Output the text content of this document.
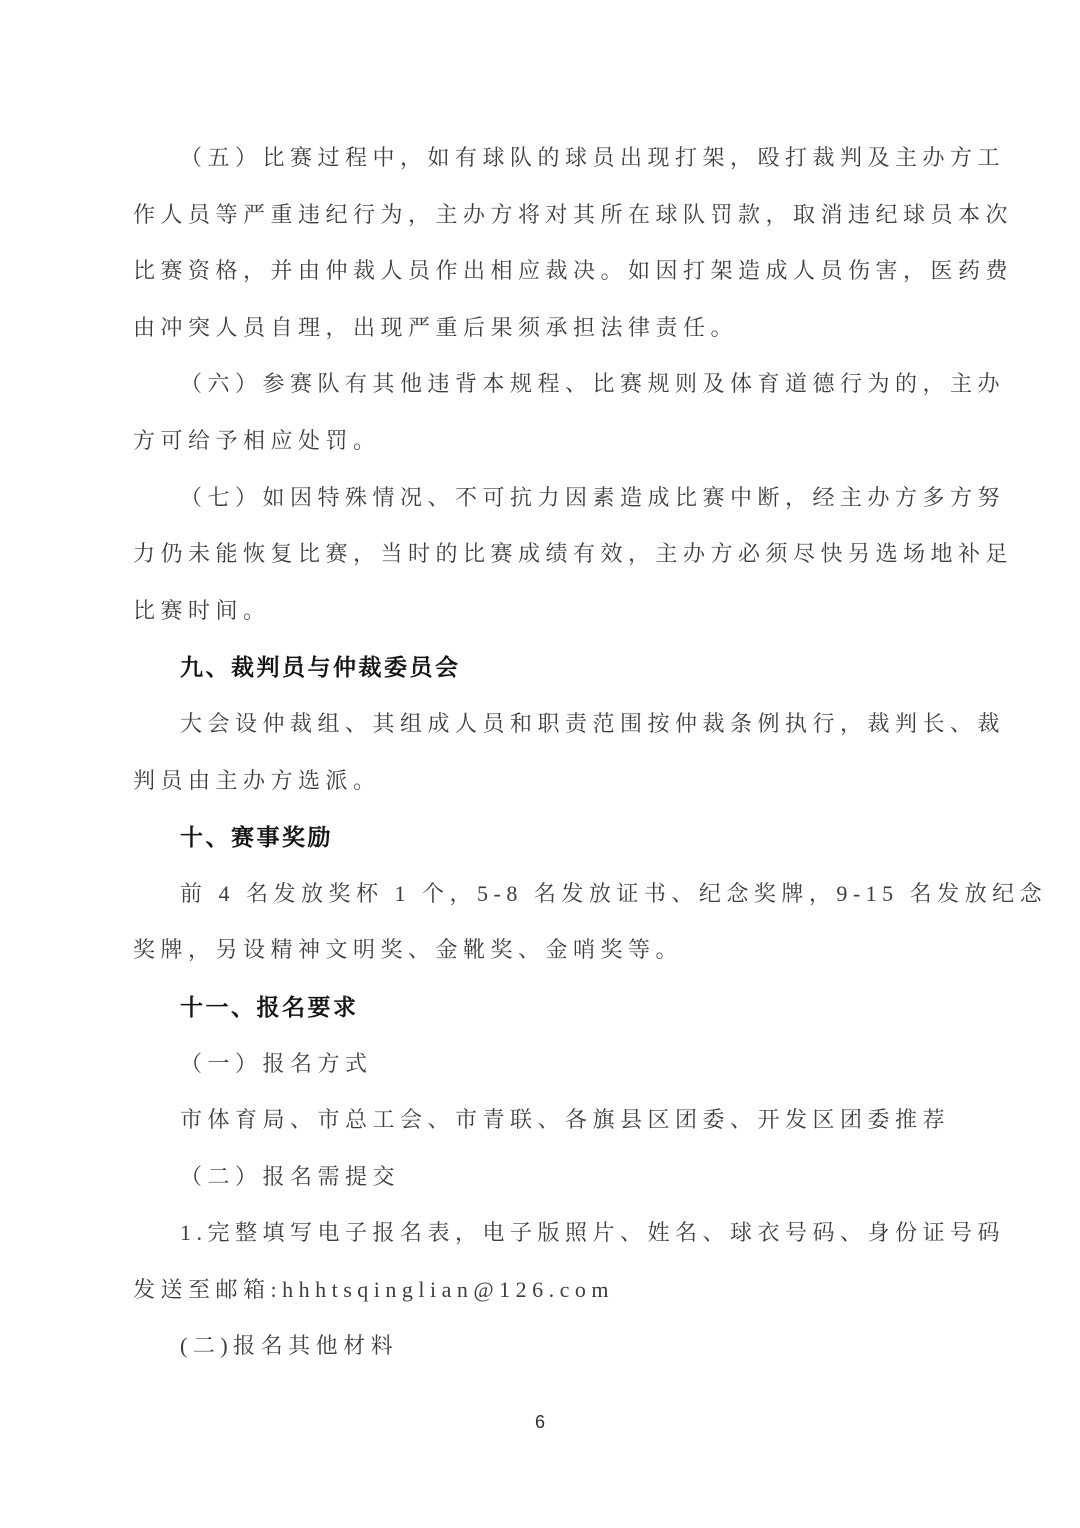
（五）比赛过程中，如有球队的球员出现打架，殴打裁判及主办方工
作人员等严重违纪行为，主办方将对其所在球队罚款，取消违纪球员本次
比赛资格，并由仲裁人员作出相应裁决。如因打架造成人员伤害，医药费
由冲突人员自理，出现严重后果须承担法律责任。
（六）参赛队有其他违背本规程、比赛规则及体育道德行为的，主办
方可给予相应处罚。
（七）如因特殊情况、不可抗力因素造成比赛中断，经主办方多方努
力仍未能恢复比赛，当时的比赛成绩有效，主办方必须尽快另选场地补足
比赛时间。
九、裁判员与仲裁委员会
大会设仲裁组、其组成人员和职责范围按仲裁条例执行，裁判长、裁
判员由主办方选派。
十、赛事奖励
前 4 名发放奖杯 1 个，5-8 名发放证书、纪念奖牌，9-15 名发放纪念
奖牌，另设精神文明奖、金靴奖、金哨奖等。
十一、报名要求
（一）报名方式
市体育局、市总工会、市青联、各旗县区团委、开发区团委推荐
（二）报名需提交
1.完整填写电子报名表，电子版照片、姓名、球衣号码、身份证号码
发送至邮箱:hhhtsqinglian@126.com
(二)报名其他材料
6
